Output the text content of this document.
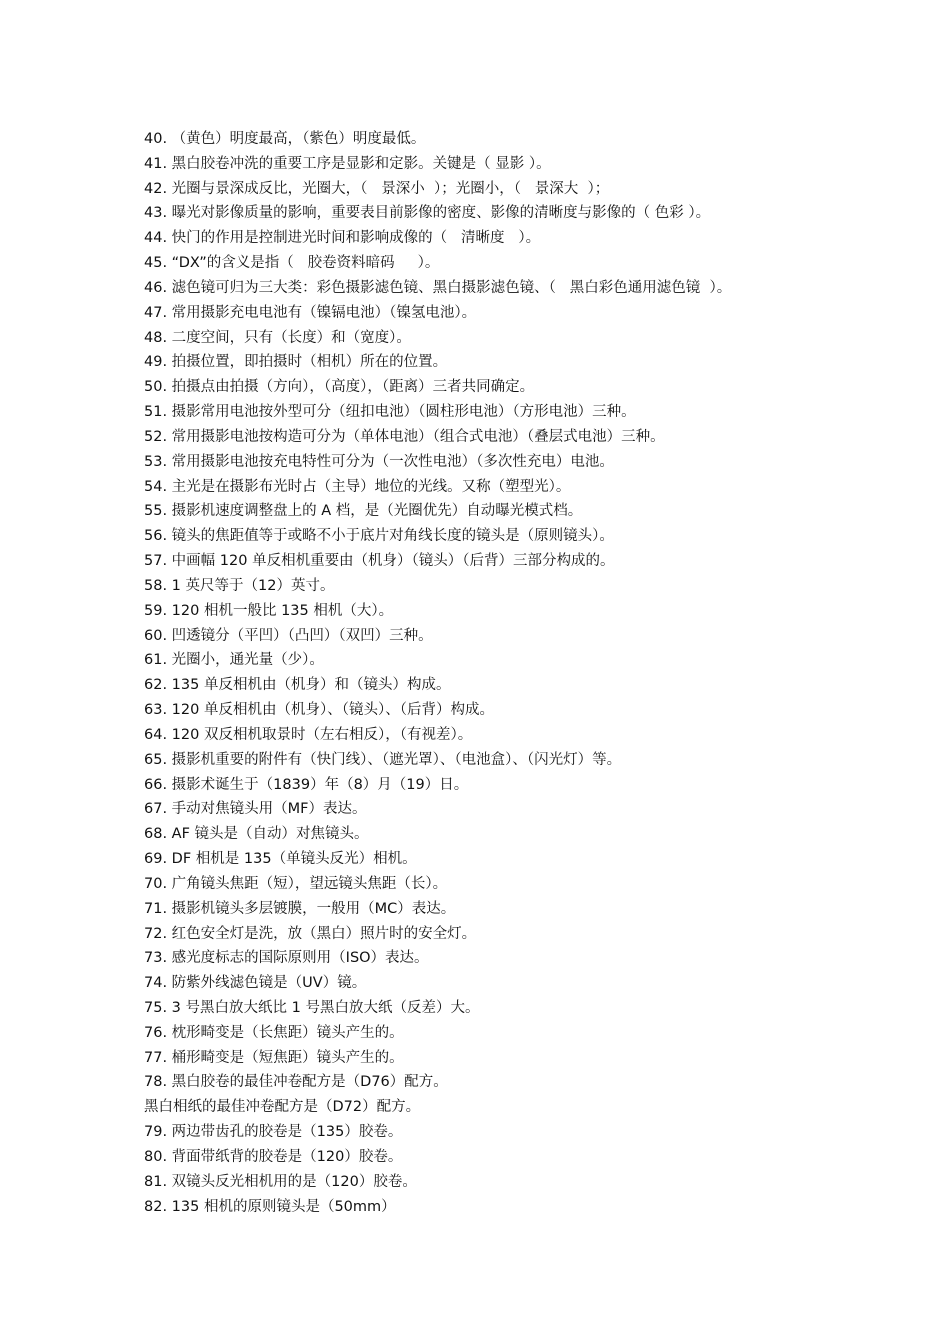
40. （黄色）明度最高，（紫色）明度最低。
41. 黑白胶卷冲洗的重要工序是显影和定影。关键是（ 显影 ）。
42. 光圈与景深成反比，光圈大，（   景深小  ）；光圈小，（   景深大  ）；
43. 曝光对影像质量的影响，重要表目前影像的密度、影像的清晰度与影像的（ 色彩 ）。
44. 快门的作用是控制进光时间和影响成像的（   清晰度   ）。
45. “DX”的含义是指（   胶卷资料暗码     ）。
46. 滤色镜可归为三大类：彩色摄影滤色镜、黑白摄影滤色镜、（   黑白彩色通用滤色镜  ）。
47. 常用摄影充电电池有（镍镉电池）（镍氢电池）。
48. 二度空间，只有（长度）和（宽度）。
49. 拍摄位置，即拍摄时（相机）所在的位置。
50. 拍摄点由拍摄（方向），（高度），（距离）三者共同确定。
51. 摄影常用电池按外型可分（纽扣电池）（圆柱形电池）（方形电池）三种。
52. 常用摄影电池按构造可分为（单体电池）（组合式电池）（叠层式电池）三种。
53. 常用摄影电池按充电特性可分为（一次性电池）（多次性充电）电池。
54. 主光是在摄影布光时占（主导）地位的光线。又称（塑型光）。
55. 摄影机速度调整盘上的 A 档，是（光圈优先）自动曝光模式档。
56. 镜头的焦距值等于或略不小于底片对角线长度的镜头是（原则镜头）。
57. 中画幅 120 单反相机重要由（机身）（镜头）（后背）三部分构成的。
58. 1 英尺等于（12）英寸。
59. 120 相机一般比 135 相机（大）。
60. 凹透镜分（平凹）（凸凹）（双凹）三种。
61. 光圈小，通光量（少）。
62. 135 单反相机由（机身）和（镜头）构成。
63. 120 单反相机由（机身）、（镜头）、（后背）构成。
64. 120 双反相机取景时（左右相反），（有视差）。
65. 摄影机重要的附件有（快门线）、（遮光罩）、（电池盒）、（闪光灯）等。
66. 摄影术诞生于（1839）年（8）月（19）日。
67. 手动对焦镜头用（MF）表达。
68. AF 镜头是（自动）对焦镜头。
69. DF 相机是 135（单镜头反光）相机。
70. 广角镜头焦距（短），望远镜头焦距（长）。
71. 摄影机镜头多层镀膜，一般用（MC）表达。
72. 红色安全灯是洗，放（黑白）照片时的安全灯。
73. 感光度标志的国际原则用（ISO）表达。
74. 防紫外线滤色镜是（UV）镜。
75. 3 号黑白放大纸比 1 号黑白放大纸（反差）大。
76. 枕形畸变是（长焦距）镜头产生的。
77. 桶形畸变是（短焦距）镜头产生的。
78. 黑白胶卷的最佳冲卷配方是（D76）配方。
黑白相纸的最佳冲卷配方是（D72）配方。
79. 两边带齿孔的胶卷是（135）胶卷。
80. 背面带纸背的胶卷是（120）胶卷。
81. 双镜头反光相机用的是（120）胶卷。
82. 135 相机的原则镜头是（50mm）
